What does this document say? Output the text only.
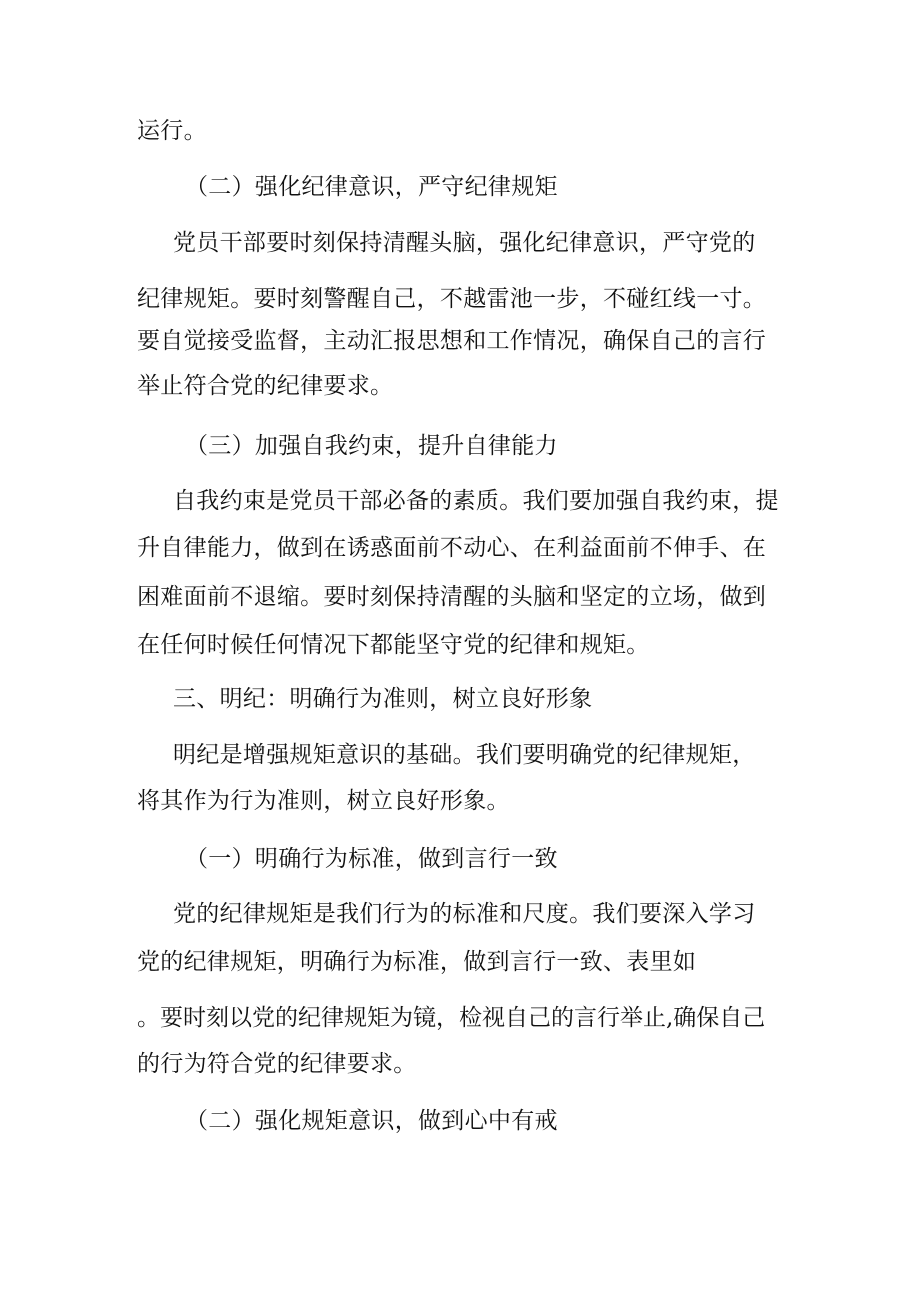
运行。
（二）强化纪律意识，严守纪律规矩
党员干部要时刻保持清醒头脑，强化纪律意识，严守党的
纪律规矩。要时刻警醒自己，不越雷池一步，不碰红线一寸。
要自觉接受监督，主动汇报思想和工作情况，确保自己的言行
举止符合党的纪律要求。
（三）加强自我约束，提升自律能力
自我约束是党员干部必备的素质。我们要加强自我约束，提
升自律能力，做到在诱惑面前不动心、在利益面前不伸手、在
困难面前不退缩。要时刻保持清醒的头脑和坚定的立场，做到
在任何时候任何情况下都能坚守党的纪律和规矩。
三、明纪：明确行为准则，树立良好形象
明纪是增强规矩意识的基础。我们要明确党的纪律规矩，
将其作为行为准则，树立良好形象。
（一）明确行为标准，做到言行一致
党的纪律规矩是我们行为的标准和尺度。我们要深入学习
党的纪律规矩，明确行为标准，做到言行一致、表里如
。要时刻以党的纪律规矩为镜，检视自己的言行举止,确保自己
的行为符合党的纪律要求。
（二）强化规矩意识，做到心中有戒
